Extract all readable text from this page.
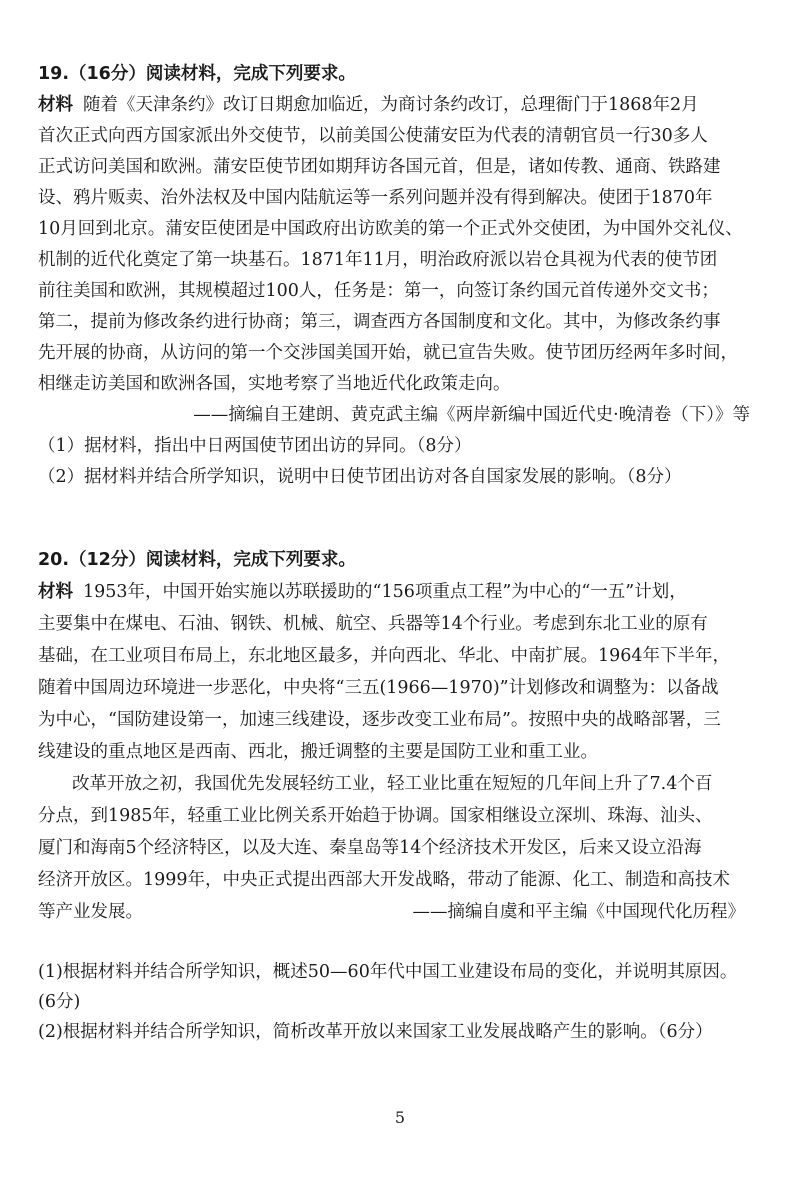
19.（16分）阅读材料，完成下列要求。
材料 随着《天津条约》改订日期愈加临近，为商讨条约改订，总理衙门于1868年2月
首次正式向西方国家派出外交使节，以前美国公使蒲安臣为代表的清朝官员一行30多人
正式访问美国和欧洲。蒲安臣使节团如期拜访各国元首，但是，诸如传教、通商、铁路建
设、鸦片贩卖、治外法权及中国内陆航运等一系列问题并没有得到解决。使团于1870年
10月回到北京。蒲安臣使团是中国政府出访欧美的第一个正式外交使团，为中国外交礼仪、
机制的近代化奠定了第一块基石。1871年11月，明治政府派以岩仓具视为代表的使节团
前往美国和欧洲，其规模超过100人，任务是：第一，向签订条约国元首传递外交文书；
第二，提前为修改条约进行协商；第三，调查西方各国制度和文化。其中，为修改条约事
先开展的协商，从访问的第一个交涉国美国开始，就已宣告失败。使节团历经两年多时间，
相继走访美国和欧洲各国，实地考察了当地近代化政策走向。
——摘编自王建朗、黄克武主编《两岸新编中国近代史·晚清卷（下）》等
（1）据材料，指出中日两国使节团出访的异同。（8分）
（2）据材料并结合所学知识，说明中日使节团出访对各自国家发展的影响。（8分）
20.（12分）阅读材料，完成下列要求。
材料 1953年，中国开始实施以苏联援助的“156项重点工程”为中心的“一五”计划，
主要集中在煤电、石油、钢铁、机械、航空、兵器等14个行业。考虑到东北工业的原有
基础，在工业项目布局上，东北地区最多，并向西北、华北、中南扩展。1964年下半年，
随着中国周边环境进一步恶化，中央将“三五(1966—1970)”计划修改和调整为：以备战
为中心，“国防建设第一，加速三线建设，逐步改变工业布局”。按照中央的战略部署，三
线建设的重点地区是西南、西北，搬迁调整的主要是国防工业和重工业。
改革开放之初，我国优先发展轻纺工业，轻工业比重在短短的几年间上升了7.4个百
分点，到1985年，轻重工业比例关系开始趋于协调。国家相继设立深圳、珠海、汕头、
厦门和海南5个经济特区，以及大连、秦皇岛等14个经济技术开发区，后来又设立沿海
经济开放区。1999年，中央正式提出西部大开发战略，带动了能源、化工、制造和高技术
等产业发展。	——摘编自虞和平主编《中国现代化历程》
(1)根据材料并结合所学知识，概述50—60年代中国工业建设布局的变化，并说明其原因。
(6分)
(2)根据材料并结合所学知识，简析改革开放以来国家工业发展战略产生的影响。（6分）
5
